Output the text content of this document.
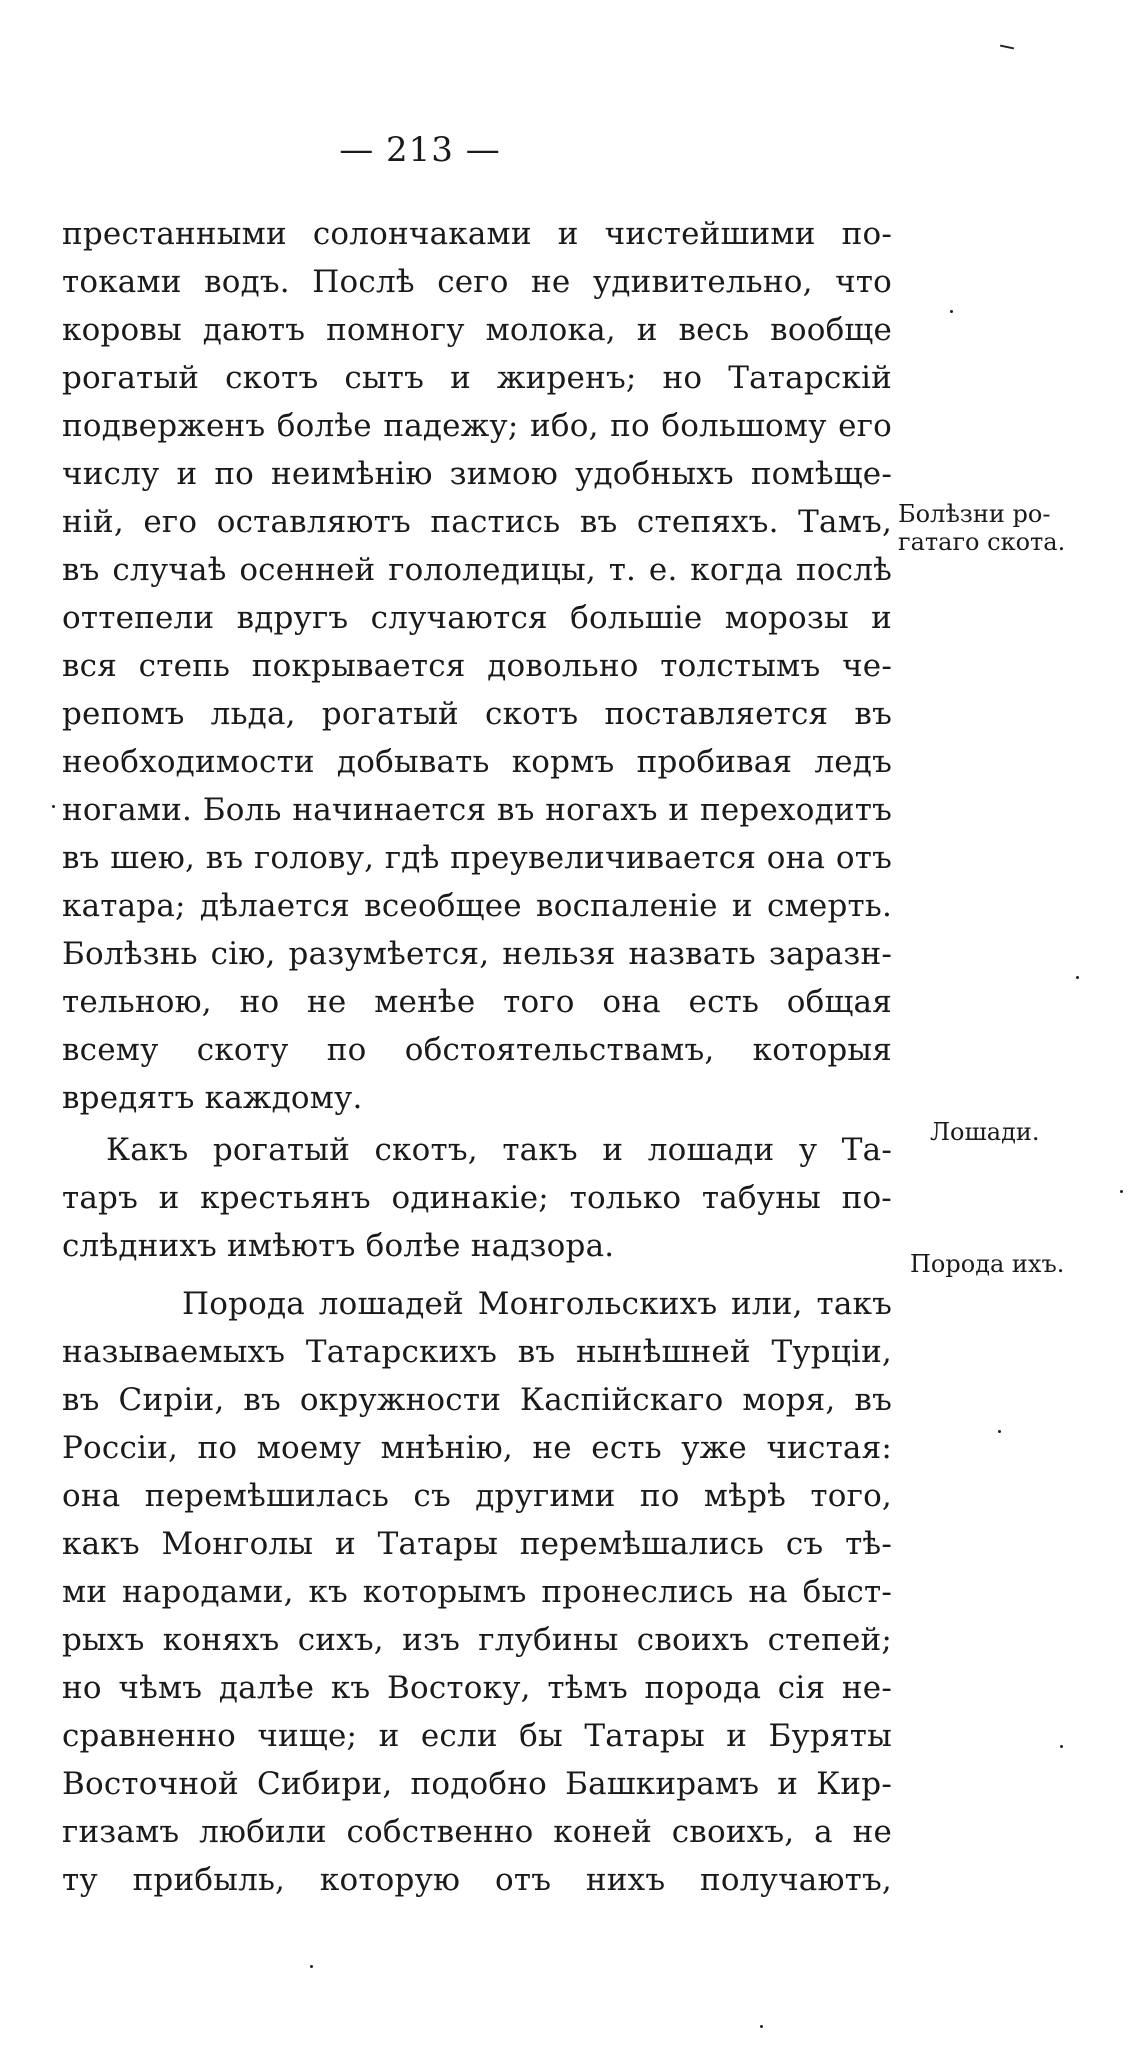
— 213 —
престанными солончаками и чистейшими по-
токами водъ. Послѣ сего не удивительно, что
коровы даютъ помногу молока, и весь вообще
рогатый скотъ сытъ и жиренъ; но Татарскій
подверженъ болѣе падежу; ибо, по большому его
числу и по неимѣнію зимою удобныхъ помѣще-
ній, его оставляютъ пастись въ степяхъ. Тамъ,
въ случаѣ осенней гололедицы, т. е. когда послѣ
оттепели вдругъ случаются большіе морозы и
вся степь покрывается довольно толстымъ че-
репомъ льда, рогатый скотъ поставляется въ
необходимости добывать кормъ пробивая ледъ
ногами. Боль начинается въ ногахъ и переходитъ
въ шею, въ голову, гдѣ преувеличивается она отъ
катара; дѣлается всеобщее воспаленіе и смерть.
Болѣзнь сію, разумѣется, нельзя назвать заразн-
тельною, но не менѣе того она есть общая
всему скоту по обстоятельствамъ, которыя
вредятъ каждому.
Какъ рогатый скотъ, такъ и лошади у Та-
таръ и крестьянъ одинакіе; только табуны по-
слѣднихъ имѣютъ болѣе надзора.
Порода лошадей Монгольскихъ или, такъ
называемыхъ Татарскихъ въ нынѣшней Турціи,
въ Сиріи, въ окружности Каспійскаго моря, въ
Россіи, по моему мнѣнію, не есть уже чистая:
она перемѣшилась съ другими по мѣрѣ того,
какъ Монголы и Татары перемѣшались съ тѣ-
ми народами, къ которымъ пронеслись на быст-
рыхъ коняхъ сихъ, изъ глубины своихъ степей;
но чѣмъ далѣе къ Востоку, тѣмъ порода сія не-
сравненно чище; и если бы Татары и Буряты
Восточной Сибири, подобно Башкирамъ и Кир-
гизамъ любили собственно коней своихъ, а не
ту прибыль, которую отъ нихъ получаютъ,
Болѣзни ро-
гатаго скота.
Лошади.
Порода ихъ.
